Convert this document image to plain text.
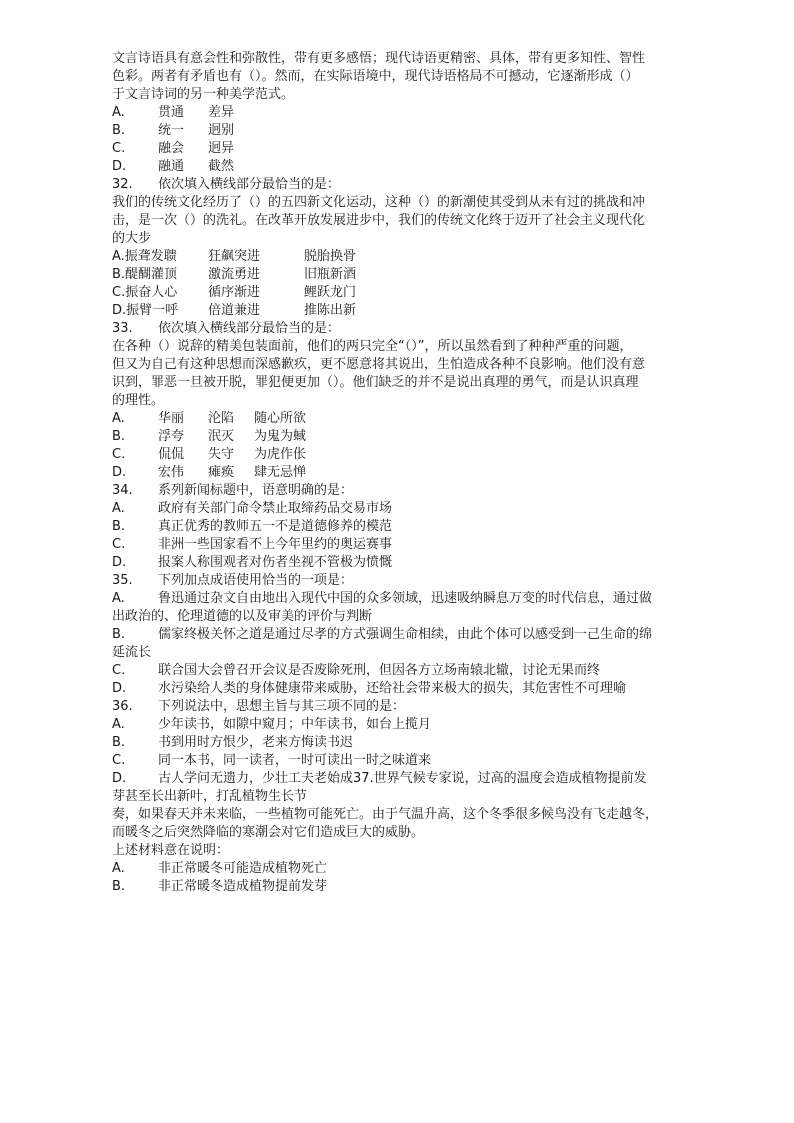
文言诗语具有意会性和弥散性，带有更多感悟；现代诗语更精密、具体，带有更多知性、智性
色彩。两者有矛盾也有（）。然而，在实际语境中，现代诗语格局不可撼动，它逐渐形成（）
于文言诗词的另一种美学范式。
A.	贯通	差异
B.	统一	迥别
C.	融会	迥异
D.	融通	截然
32.	依次填入横线部分最恰当的是：
我们的传统文化经历了（）的五四新文化运动，这种（）的新潮使其受到从未有过的挑战和冲
击，是一次（）的洗礼。在改革开放发展进步中，我们的传统文化终于迈开了社会主义现代化
的大步
A.振聋发聩	狂飙突进	脱胎换骨
B.醍醐灌顶	激流勇进	旧瓶新酒
C.振奋人心	循序渐进	鲤跃龙门
D.振臂一呼	倍道兼进	推陈出新
33.	依次填入横线部分最恰当的是：
在各种（）说辞的精美包装面前，他们的两只完全“（）”，所以虽然看到了种种严重的问题，
但又为自己有这种思想而深感歉疚，更不愿意将其说出，生怕造成各种不良影响。他们没有意
识到，罪恶一旦被开脱，罪犯便更加（）。他们缺乏的并不是说出真理的勇气，而是认识真理
的理性。
A.	华丽	沦陷	随心所欲
B.	浮夸	泯灭	为鬼为蜮
C.	侃侃	失守	为虎作伥
D.	宏伟	瘫痪	肆无忌惮
34.	系列新闻标题中，语意明确的是：
A.	政府有关部门命令禁止取缔药品交易市场
B.	真正优秀的教师五一不是道德修养的模范
C.	非洲一些国家看不上今年里约的奥运赛事
D.	报案人称围观者对伤者坐视不管极为愤慨
35.	下列加点成语使用恰当的一项是：
A.	鲁迅通过杂文自由地出入现代中国的众多领域，迅速吸纳瞬息万变的时代信息，通过做
出政治的、伦理道德的以及审美的评价与判断
B.	儒家终极关怀之道是通过尽孝的方式强调生命相续，由此个体可以感受到一己生命的绵
延流长
C.	联合国大会曾召开会议是否废除死刑，但因各方立场南辕北辙，讨论无果而终
D.	水污染给人类的身体健康带来威胁，还给社会带来极大的损失，其危害性不可理喻
36.	下列说法中，思想主旨与其三项不同的是：
A.	少年读书，如隙中窥月；中年读书，如台上揽月
B.	书到用时方恨少，老来方悔读书迟
C.	同一本书，同一读者，一时可读出一时之味道来
D.	古人学问无遗力，少壮工夫老始成37.世界气候专家说，过高的温度会造成植物提前发
芽甚至长出新叶，打乱植物生长节
奏，如果春天并未来临，一些植物可能死亡。由于气温升高，这个冬季很多候鸟没有飞走越冬，
而暖冬之后突然降临的寒潮会对它们造成巨大的威胁。
上述材料意在说明：
A.	非正常暖冬可能造成植物死亡
B.	非正常暖冬造成植物提前发芽
